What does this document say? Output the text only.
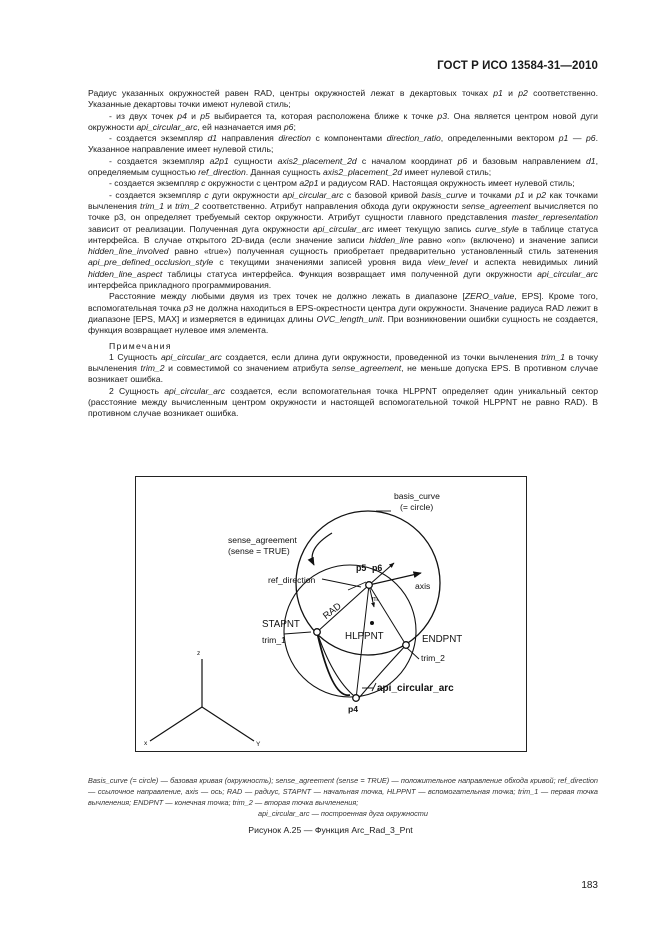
ГОСТ Р ИСО 13584-31—2010

Радиус указанных окружностей равен RAD, центры окружностей лежат в декартовых точках p1 и p2 соответственно. Указанные декартовы точки имеют нулевой стиль;

- из двух точек p4 и p5 выбирается та, которая расположена ближе к точке p3. Она является центром новой дуги окружности api_circular_arc, ей назначается имя p6;

- создается экземпляр d1 направления direction с компонентами direction_ratio, определенными вектором p1 — p6. Указанное направление имеет нулевой стиль;

- создается экземпляр a2p1 сущности axis2_placement_2d с началом координат p6 и базовым направлением d1, определяемым сущностью ref_direction. Данная сущность axis2_placement_2d имеет нулевой стиль;

- создается экземпляр c окружности с центром a2p1 и радиусом RAD. Настоящая окружность имеет нулевой стиль;

- создается экземпляр c дуги окружности api_circular_arc с базовой кривой basis_curve и точками p1 и p2 как точками вычленения trim_1 и trim_2 соответственно. Атрибут направления обхода дуги окружности sense_agreement вычисляется по точке p3, он определяет требуемый сектор окружности. Атрибут сущности главного представления master_representation зависит от реализации. Полученная дуга окружности api_circular_arc имеет текущую запись curve_style в таблице статуса интерфейса. В случае открытого 2D-вида (если значение записи hidden_line равно «on» (включено) и значение записи hidden_line_involved равно «true») полученная сущность приобретает предварительно установленный стиль затенения api_pre_defined_occlusion_style с текущими значениями записей уровня вида view_level и аспекта невидимых линий hidden_line_aspect таблицы статуса интерфейса. Функция возвращает имя полученной дуги окружности api_circular_arc интерфейса прикладного программирования.

Расстояние между любыми двумя из трех точек не должно лежать в диапазоне [ZERO_value, EPS]. Кроме того, вспомогательная точка p3 не должна находиться в EPS-окрестности центра дуги окружности. Значение радиуса RAD лежит в диапазоне [EPS, MAX] и измеряется в единицах длины OVC_length_unit. При возникновении ошибки сущность не создается, функция возвращает нулевое имя элемента.

Примечания

1 Сущность api_circular_arc создается, если длина дуги окружности, проведенной из точки вычленения trim_1 в точку вычленения trim_2 и совместимой со значением атрибута sense_agreement, не меньше допуска EPS. В противном случае возникает ошибка.

2 Сущность api_circular_arc создается, если вспомогательная точка HLPPNT определяет один уникальный сектор (расстояние между вычисленным центром окружности и настоящей вспомогательной точкой HLPPNT не равно RAD). В противном случае возникает ошибка.

basis_curve
(= circle)
sense_agreement
(sense = TRUE)
ref_direction
p5 p6
axis
RAD
STAPNT
trim_1	HLPPNT	ENDPNT
trim_2
api_circular_arc
p4
m
z
x	Y
Basis_curve (= circle) — базовая кривая (окружность); sense_agreement (sense = TRUE) — положительное направление обхода кривой; ref_direction — ссылочное направление, axis — ось; RAD — радиус, STAPNT — начальная точка, HLPPNT — вспомогательная точка; trim_1 — первая точка вычленения; ENDPNT — конечная точка; trim_2 — вторая точка вычленения;
api_circular_arc — построенная дуга окружности
Рисунок А.25 — Функция Arc_Rad_3_Pnt
183
